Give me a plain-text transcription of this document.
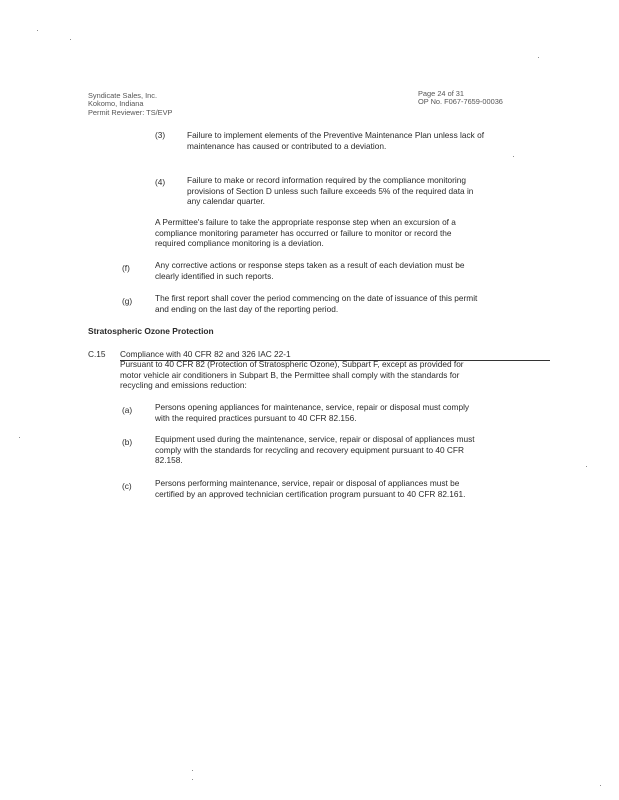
Syndicate Sales, Inc.
Kokomo, Indiana
Permit Reviewer: TS/EVP
Page 24 of 31
OP No. F067-7659-00036
(3)	Failure to implement elements of the Preventive Maintenance Plan unless lack of
maintenance has caused or contributed to a deviation.
(4)	Failure to make or record information required by the compliance monitoring
provisions of Section D unless such failure exceeds 5% of the required data in
any calendar quarter.
A Permittee's failure to take the appropriate response step when an excursion of a
compliance monitoring parameter has occurred or failure to monitor or record the
required compliance monitoring is a deviation.
(f)	Any corrective actions or response steps taken as a result of each deviation must be
clearly identified in such reports.
(g)	The first report shall cover the period commencing on the date of issuance of this permit
and ending on the last day of the reporting period.
Stratospheric Ozone Protection
C.15 Compliance with 40 CFR 82 and 326 IAC 22-1
Pursuant to 40 CFR 82 (Protection of Stratospheric Ozone), Subpart F, except as provided for
motor vehicle air conditioners in Subpart B, the Permittee shall comply with the standards for
recycling and emissions reduction:
(a)	Persons opening appliances for maintenance, service, repair or disposal must comply
with the required practices pursuant to 40 CFR 82.156.
(b)	Equipment used during the maintenance, service, repair or disposal of appliances must
comply with the standards for recycling and recovery equipment pursuant to 40 CFR
82.158.
(c)	Persons performing maintenance, service, repair or disposal of appliances must be
certified by an approved technician certification program pursuant to 40 CFR 82.161.
